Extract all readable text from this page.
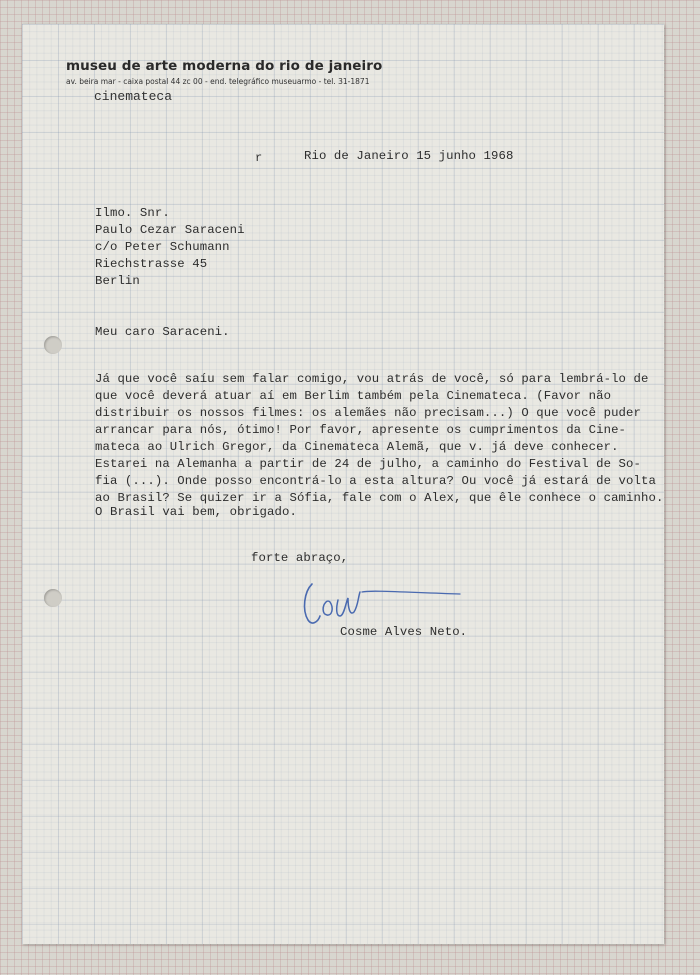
museu de arte moderna do rio de janeiro
av. beira mar - caixa postal 44 zc 00 - end. telegráfico museuarmo - tel. 31-1871
cinemateca
r	Rio de Janeiro 15 junho 1968
Ilmo. Snr.
Paulo Cezar Saraceni
c/o Peter Schumann
Riechstrasse 45
Berlin
Meu caro Saraceni.
Já que você saíu sem falar comigo, vou atrás de você, só para lembrá-lo de
que você deverá atuar aí em Berlim também pela Cinemateca. (Favor não
distribuir os nossos filmes: os alemães não precisam...) O que você puder
arrancar para nós, ótimo! Por favor, apresente os cumprimentos da Cine-
mateca ao Ulrich Gregor, da Cinemateca Alemã, que v. já deve conhecer.
Estarei na Alemanha a partir de 24 de julho, a caminho do Festival de So-
fia (...). Onde posso encontrá-lo a esta altura? Ou você já estará de volta
ao Brasil? Se quizer ir a Sófia, fale com o Alex, que êle conhece o caminho.
O Brasil vai bem, obrigado.
forte abraço,
Cosme Alves Neto.
